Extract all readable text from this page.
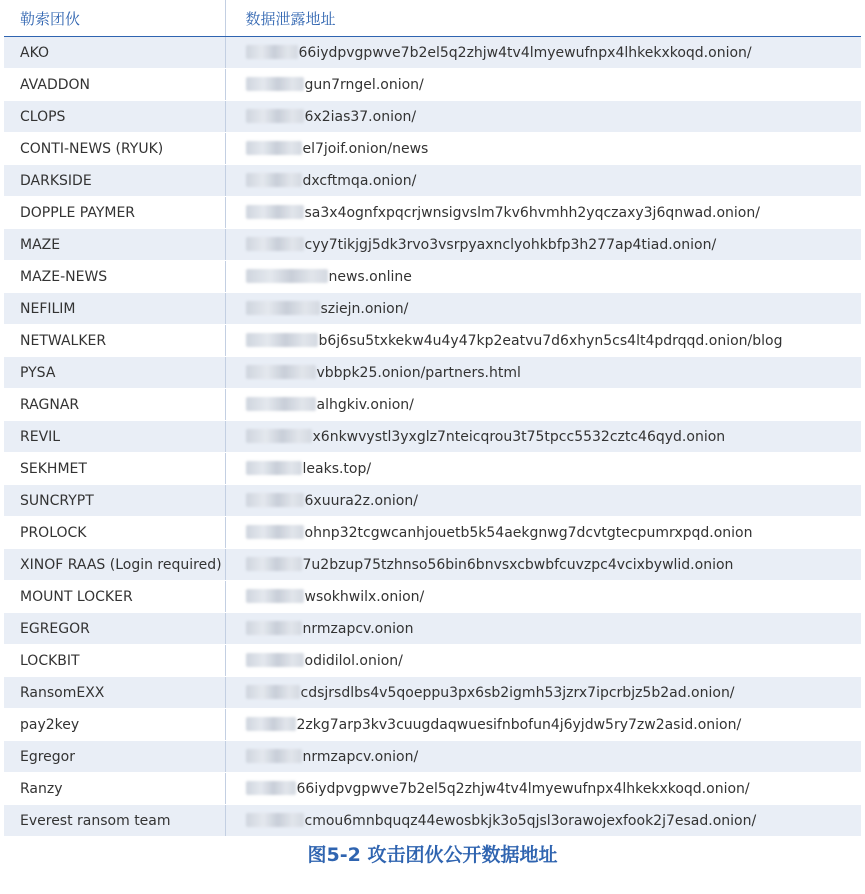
勒索团伙	数据泄露地址
AKO	66iydpvgpwve7b2el5q2zhjw4tv4lmyewufnpx4lhkekxkoqd.onion/
AVADDON	gun7rngel.onion/
CLOPS	6x2ias37.onion/
CONTI-NEWS (RYUK)	el7joif.onion/news
DARKSIDE	dxcftmqa.onion/
DOPPLE PAYMER	sa3x4ognfxpqcrjwnsigvslm7kv6hvmhh2yqczaxy3j6qnwad.onion/
MAZE	cyy7tikjgj5dk3rvo3vsrpyaxnclyohkbfp3h277ap4tiad.onion/
MAZE-NEWS	news.online
NEFILIM	sziejn.onion/
NETWALKER	b6j6su5txkekw4u4y47kp2eatvu7d6xhyn5cs4lt4pdrqqd.onion/blog
PYSA	vbbpk25.onion/partners.html
RAGNAR	alhgkiv.onion/
REVIL	x6nkwvystl3yxglz7nteicqrou3t75tpcc5532cztc46qyd.onion
SEKHMET	leaks.top/
SUNCRYPT	6xuura2z.onion/
PROLOCK	ohnp32tcgwcanhjouetb5k54aekgnwg7dcvtgtecpumrxpqd.onion
XINOF RAAS (Login required)	7u2bzup75tzhnso56bin6bnvsxcbwbfcuvzpc4vcixbywlid.onion
MOUNT LOCKER	wsokhwilx.onion/
EGREGOR	nrmzapcv.onion
LOCKBIT	odidilol.onion/
RansomEXX	cdsjrsdlbs4v5qoeppu3px6sb2igmh53jzrx7ipcrbjz5b2ad.onion/
pay2key	2zkg7arp3kv3cuugdaqwuesifnbofun4j6yjdw5ry7zw2asid.onion/
Egregor	nrmzapcv.onion/
Ranzy	66iydpvgpwve7b2el5q2zhjw4tv4lmyewufnpx4lhkekxkoqd.onion/
Everest ransom team	cmou6mnbquqz44ewosbkjk3o5qjsl3orawojexfook2j7esad.onion/
图5-2 攻击团伙公开数据地址
